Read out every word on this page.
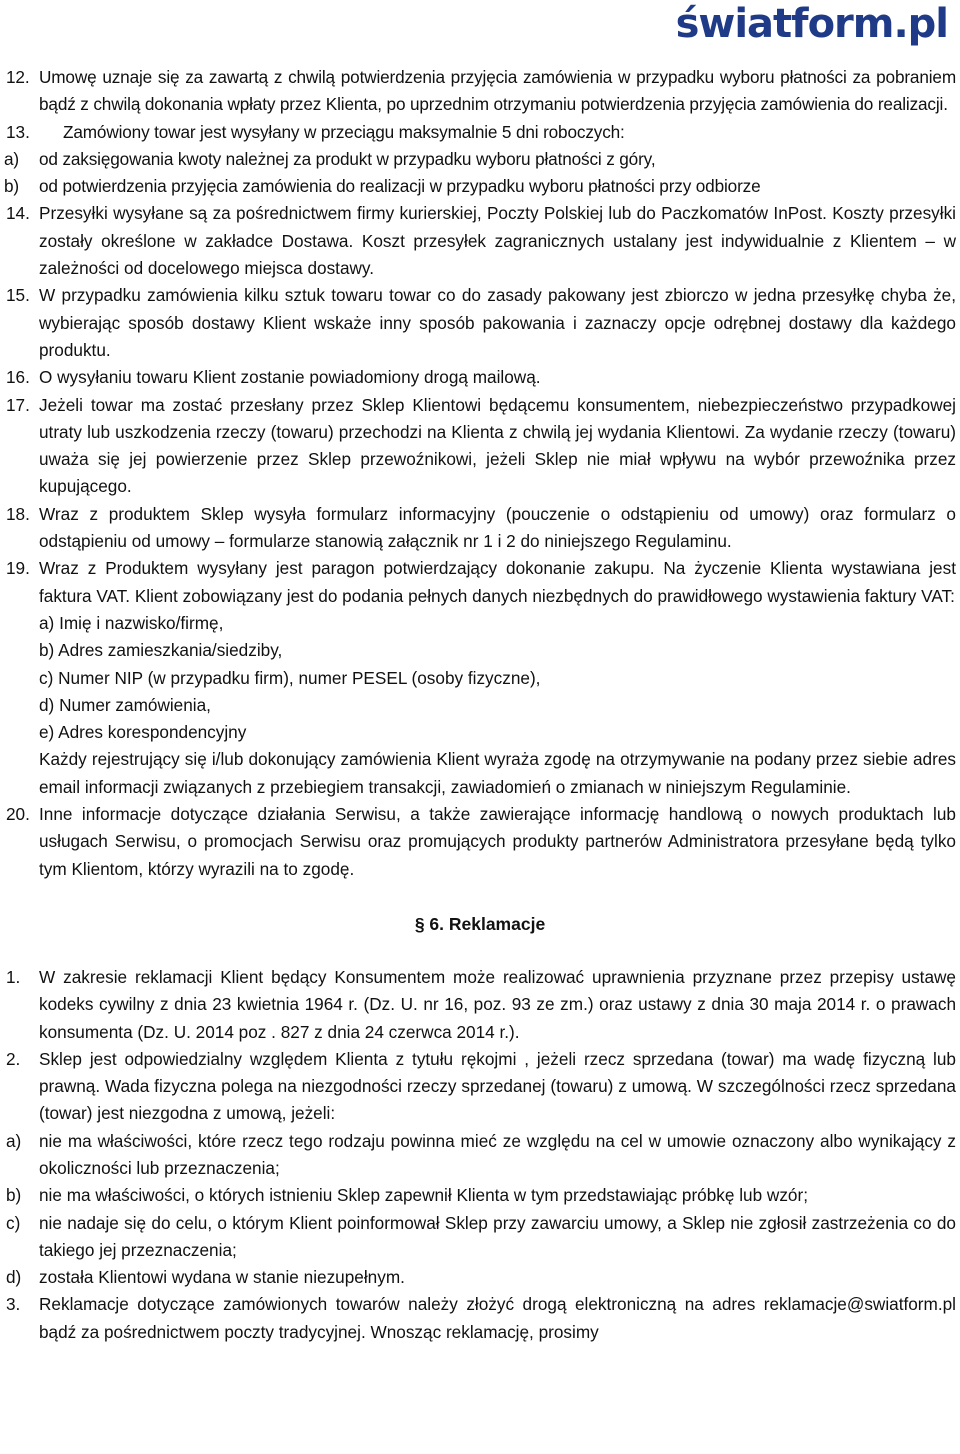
światform.pl
12. Umowę uznaje się za zawartą z chwilą potwierdzenia przyjęcia zamówienia w przypadku wyboru płatności za pobraniem bądź z chwilą dokonania wpłaty przez Klienta, po uprzednim otrzymaniu potwierdzenia przyjęcia zamówienia do realizacji.
13.	Zamówiony towar jest wysyłany w przeciągu maksymalnie 5 dni roboczych:
a) od zaksięgowania kwoty należnej za produkt w przypadku wyboru płatności z góry,
b) od potwierdzenia przyjęcia zamówienia do realizacji w przypadku wyboru płatności przy odbiorze
14. Przesyłki wysyłane są za pośrednictwem firmy kurierskiej, Poczty Polskiej lub do Paczkomatów InPost. Koszty przesyłki zostały określone w zakładce Dostawa. Koszt przesyłek zagranicznych ustalany jest indywidualnie z Klientem – w zależności od docelowego miejsca dostawy.
15. W przypadku zamówienia kilku sztuk towaru towar co do zasady pakowany jest zbiorczo w jedna przesyłkę chyba że, wybierając sposób dostawy Klient wskaże inny sposób pakowania i zaznaczy opcje odrębnej dostawy dla każdego produktu.
16. O wysyłaniu towaru Klient zostanie powiadomiony drogą mailową.
17. Jeżeli towar ma zostać przesłany przez Sklep Klientowi będącemu konsumentem, niebezpieczeństwo przypadkowej utraty lub uszkodzenia rzeczy (towaru) przechodzi na Klienta z chwilą jej wydania Klientowi. Za wydanie rzeczy (towaru) uważa się jej powierzenie przez Sklep przewoźnikowi, jeżeli Sklep nie miał wpływu na wybór przewoźnika przez kupującego.
18. Wraz z produktem Sklep wysyła formularz informacyjny (pouczenie o odstąpieniu od umowy) oraz formularz o odstąpieniu od umowy – formularze stanowią załącznik nr 1 i 2 do niniejszego Regulaminu.
19. Wraz z Produktem wysyłany jest paragon potwierdzający dokonanie zakupu. Na życzenie Klienta wystawiana jest faktura VAT. Klient zobowiązany jest do podania pełnych danych niezbędnych do prawidłowego wystawienia faktury VAT:
a) Imię i nazwisko/firmę,
b) Adres zamieszkania/siedziby,
c) Numer NIP (w przypadku firm), numer PESEL (osoby fizyczne),
d) Numer zamówienia,
e) Adres korespondencyjny
Każdy rejestrujący się i/lub dokonujący zamówienia Klient wyraża zgodę na otrzymywanie na podany przez siebie adres email informacji związanych z przebiegiem transakcji, zawiadomień o zmianach w niniejszym Regulaminie.
20. Inne informacje dotyczące działania Serwisu, a także zawierające informację handlową o nowych produktach lub usługach Serwisu, o promocjach Serwisu oraz promujących produkty partnerów Administratora przesyłane będą tylko tym Klientom, którzy wyrazili na to zgodę.
§ 6. Reklamacje
1. W zakresie reklamacji Klient będący Konsumentem może realizować uprawnienia przyznane przez przepisy ustawę kodeks cywilny z dnia 23 kwietnia 1964 r. (Dz. U. nr 16, poz. 93 ze zm.) oraz ustawy z dnia 30 maja 2014 r. o prawach konsumenta (Dz. U. 2014 poz . 827 z dnia 24 czerwca 2014 r.).
2. Sklep jest odpowiedzialny względem Klienta z tytułu rękojmi , jeżeli rzecz sprzedana (towar) ma wadę fizyczną lub prawną. Wada fizyczna polega na niezgodności rzeczy sprzedanej (towaru) z umową. W szczególności rzecz sprzedana (towar) jest niezgodna z umową, jeżeli:
a) nie ma właściwości, które rzecz tego rodzaju powinna mieć ze względu na cel w umowie oznaczony albo wynikający z okoliczności lub przeznaczenia;
b) nie ma właściwości, o których istnieniu Sklep zapewnił Klienta w tym przedstawiając próbkę lub wzór;
c) nie nadaje się do celu, o którym Klient poinformował Sklep przy zawarciu umowy, a Sklep nie zgłosił zastrzeżenia co do takiego jej przeznaczenia;
d) została Klientowi wydana w stanie niezupełnym.
3. Reklamacje dotyczące zamówionych towarów należy złożyć drogą elektroniczną na adres reklamacje@swiatform.pl bądź za pośrednictwem poczty tradycyjnej. Wnosząc reklamację, prosimy
